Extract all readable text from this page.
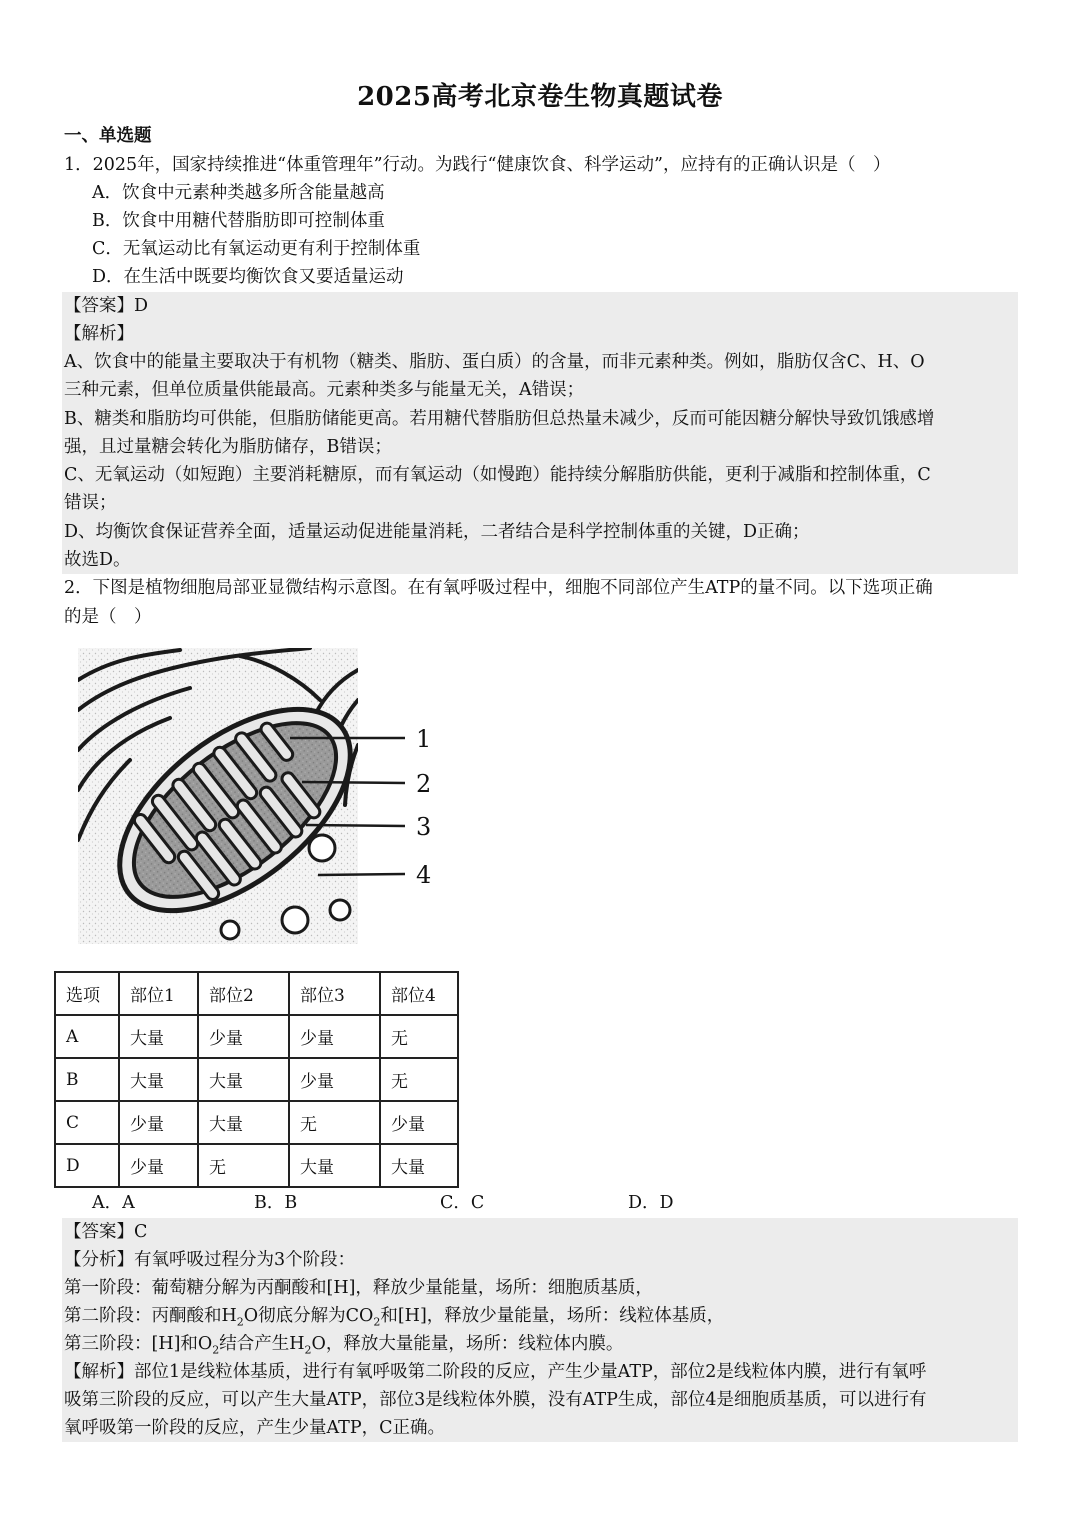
2025高考北京卷生物真题试卷
一、单选题
1．2025年，国家持续推进“体重管理年”行动。为践行“健康饮食、科学运动”，应持有的正确认识是（　）
A．饮食中元素种类越多所含能量越高
B．饮食中用糖代替脂肪即可控制体重
C．无氧运动比有氧运动更有利于控制体重
D．在生活中既要均衡饮食又要适量运动
【答案】D
【解析】
A、饮食中的能量主要取决于有机物（糖类、脂肪、蛋白质）的含量，而非元素种类。例如，脂肪仅含C、H、O
三种元素，但单位质量供能最高。元素种类多与能量无关，A错误；
B、糖类和脂肪均可供能，但脂肪储能更高。若用糖代替脂肪但总热量未减少，反而可能因糖分解快导致饥饿感增
强，且过量糖会转化为脂肪储存，B错误；
C、无氧运动（如短跑）主要消耗糖原，而有氧运动（如慢跑）能持续分解脂肪供能，更利于减脂和控制体重，C
错误；
D、均衡饮食保证营养全面，适量运动促进能量消耗，二者结合是科学控制体重的关键，D正确；
故选D。
2．下图是植物细胞局部亚显微结构示意图。在有氧呼吸过程中，细胞不同部位产生ATP的量不同。以下选项正确
的是（　）
1
2
3
4
选项	部位1	部位2	部位3	部位4
A	大量	少量	少量	无
B	大量	大量	少量	无
C	少量	大量	无	少量
D	少量	无	大量	大量
A．A	B．B	C．C	D．D
【答案】C
【分析】有氧呼吸过程分为3个阶段：
第一阶段：葡萄糖分解为丙酮酸和[H]，释放少量能量，场所：细胞质基质，
第二阶段：丙酮酸和$H_2O$彻底分解为$CO_2$和[H]，释放少量能量，场所：线粒体基质，
第三阶段：[H]和$O_2$结合产生$H_2O$，释放大量能量，场所：线粒体内膜。
【解析】部位1是线粒体基质，进行有氧呼吸第二阶段的反应，产生少量ATP，部位2是线粒体内膜，进行有氧呼
吸第三阶段的反应，可以产生大量ATP，部位3是线粒体外膜，没有ATP生成，部位4是细胞质基质，可以进行有
氧呼吸第一阶段的反应，产生少量ATP，C正确。
